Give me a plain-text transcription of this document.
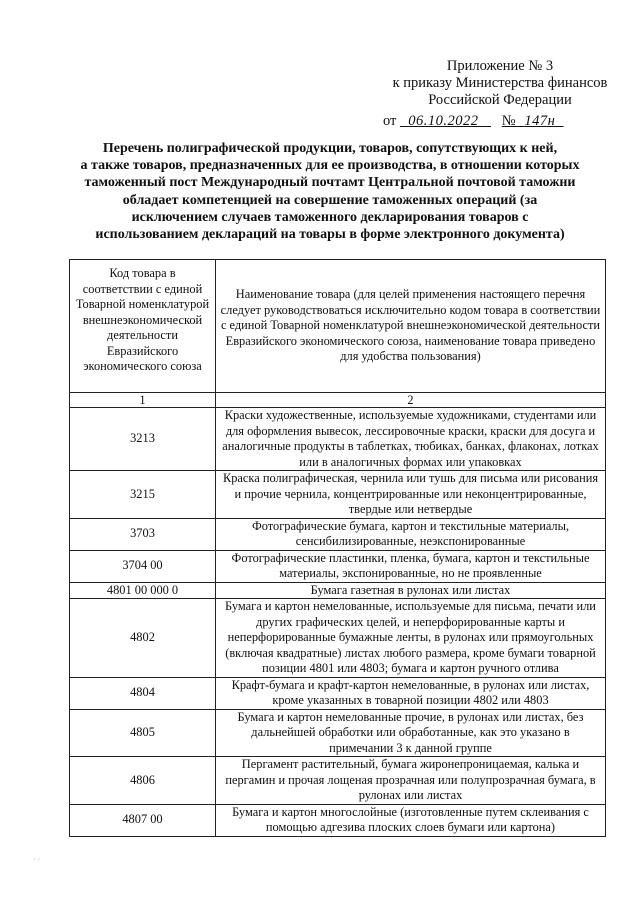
Приложение № 3
к приказу Министерства финансов
Российской Федерации
от 06.10.2022 № 147н
Перечень полиграфической продукции, товаров, сопутствующих к ней,
а также товаров, предназначенных для ее производства, в отношении которых
таможенный пост Международный почтамт Центральной почтовой таможни
обладает компетенцией на совершение таможенных операций (за
исключением случаев таможенного декларирования товаров с
использованием деклараций на товары в форме электронного документа)
Код товара в соответствии с единой Товарной номенклатурой внешнеэкономической деятельности Евразийского экономического союза	Наименование товара (для целей применения настоящего перечня следует руководствоваться исключительно кодом товара в соответствии с единой Товарной номенклатурой внешнеэкономической деятельности Евразийского экономического союза, наименование товара приведено для удобства пользования)
1	2
3213	Краски художественные, используемые художниками, студентами или для оформления вывесок, лессировочные краски, краски для досуга и аналогичные продукты в таблетках, тюбиках, банках, флаконах, лотках или в аналогичных формах или упаковках
3215	Краска полиграфическая, чернила или тушь для письма или рисования и прочие чернила, концентрированные или неконцентрированные, твердые или нетвердые
3703	Фотографические бумага, картон и текстильные материалы, сенсибилизированные, неэкспонированные
3704 00	Фотографические пластинки, пленка, бумага, картон и текстильные материалы, экспонированные, но не проявленные
4801 00 000 0	Бумага газетная в рулонах или листах
4802	Бумага и картон немелованные, используемые для письма, печати или других графических целей, и неперфорированные карты и неперфорированные бумажные ленты, в рулонах или прямоугольных (включая квадратные) листах любого размера, кроме бумаги товарной позиции 4801 или 4803; бумага и картон ручного отлива
4804	Крафт-бумага и крафт-картон немелованные, в рулонах или листах, кроме указанных в товарной позиции 4802 или 4803
4805	Бумага и картон немелованные прочие, в рулонах или листах, без дальнейшей обработки или обработанные, как это указано в примечании 3 к данной группе
4806	Пергамент растительный, бумага жиронепроницаемая, калька и пергамин и прочая лощеная прозрачная или полупрозрачная бумага, в рулонах или листах
4807 00	Бумага и картон многослойные (изготовленные путем склеивания с помощью адгезива плоских слоев бумаги или картона)
· ·
